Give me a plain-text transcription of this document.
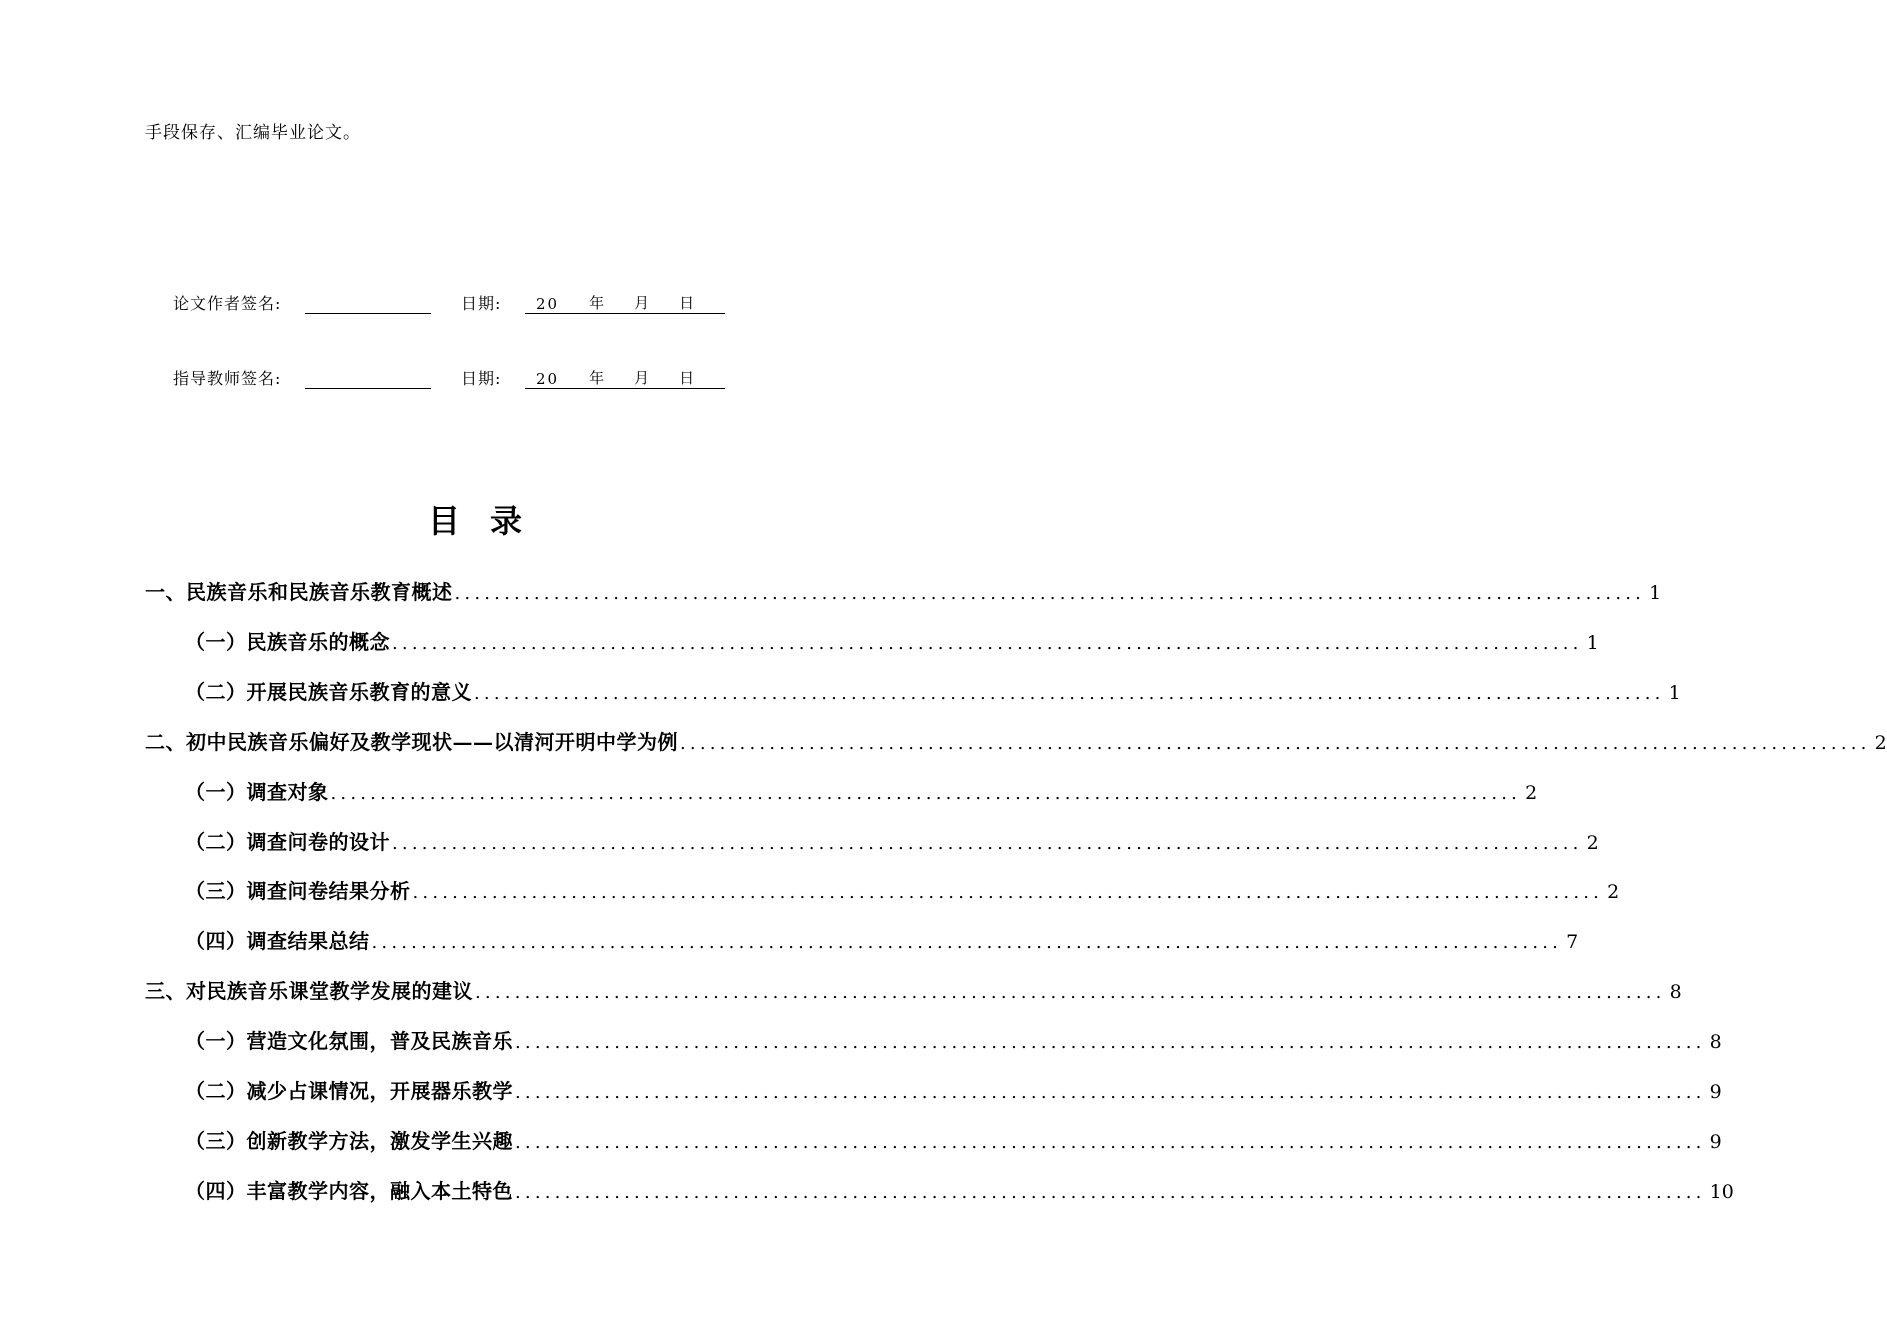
手段保存、汇编毕业论文。
论文作者签名:	日期:	20 年 月 日
指导教师签名:	日期:	20 年 月 日
目录
一、民族音乐和民族音乐教育概述 ........................................................................................................................ 1
（一）民族音乐的概念 ........................................................................................................................ 1
（二）开展民族音乐教育的意义 ........................................................................................................................ 1
二、初中民族音乐偏好及教学现状——以清河开明中学为例 ........................................................................................................................ 2
（一）调查对象 ........................................................................................................................ 2
（二）调查问卷的设计 ........................................................................................................................ 2
（三）调查问卷结果分析 ........................................................................................................................ 2
（四）调查结果总结 ........................................................................................................................ 7
三、对民族音乐课堂教学发展的建议 ........................................................................................................................ 8
（一）营造文化氛围，普及民族音乐 ........................................................................................................................ 8
（二）减少占课情况，开展器乐教学 ........................................................................................................................ 9
（三）创新教学方法，激发学生兴趣 ........................................................................................................................ 9
（四）丰富教学内容，融入本土特色 ........................................................................................................................ 10
